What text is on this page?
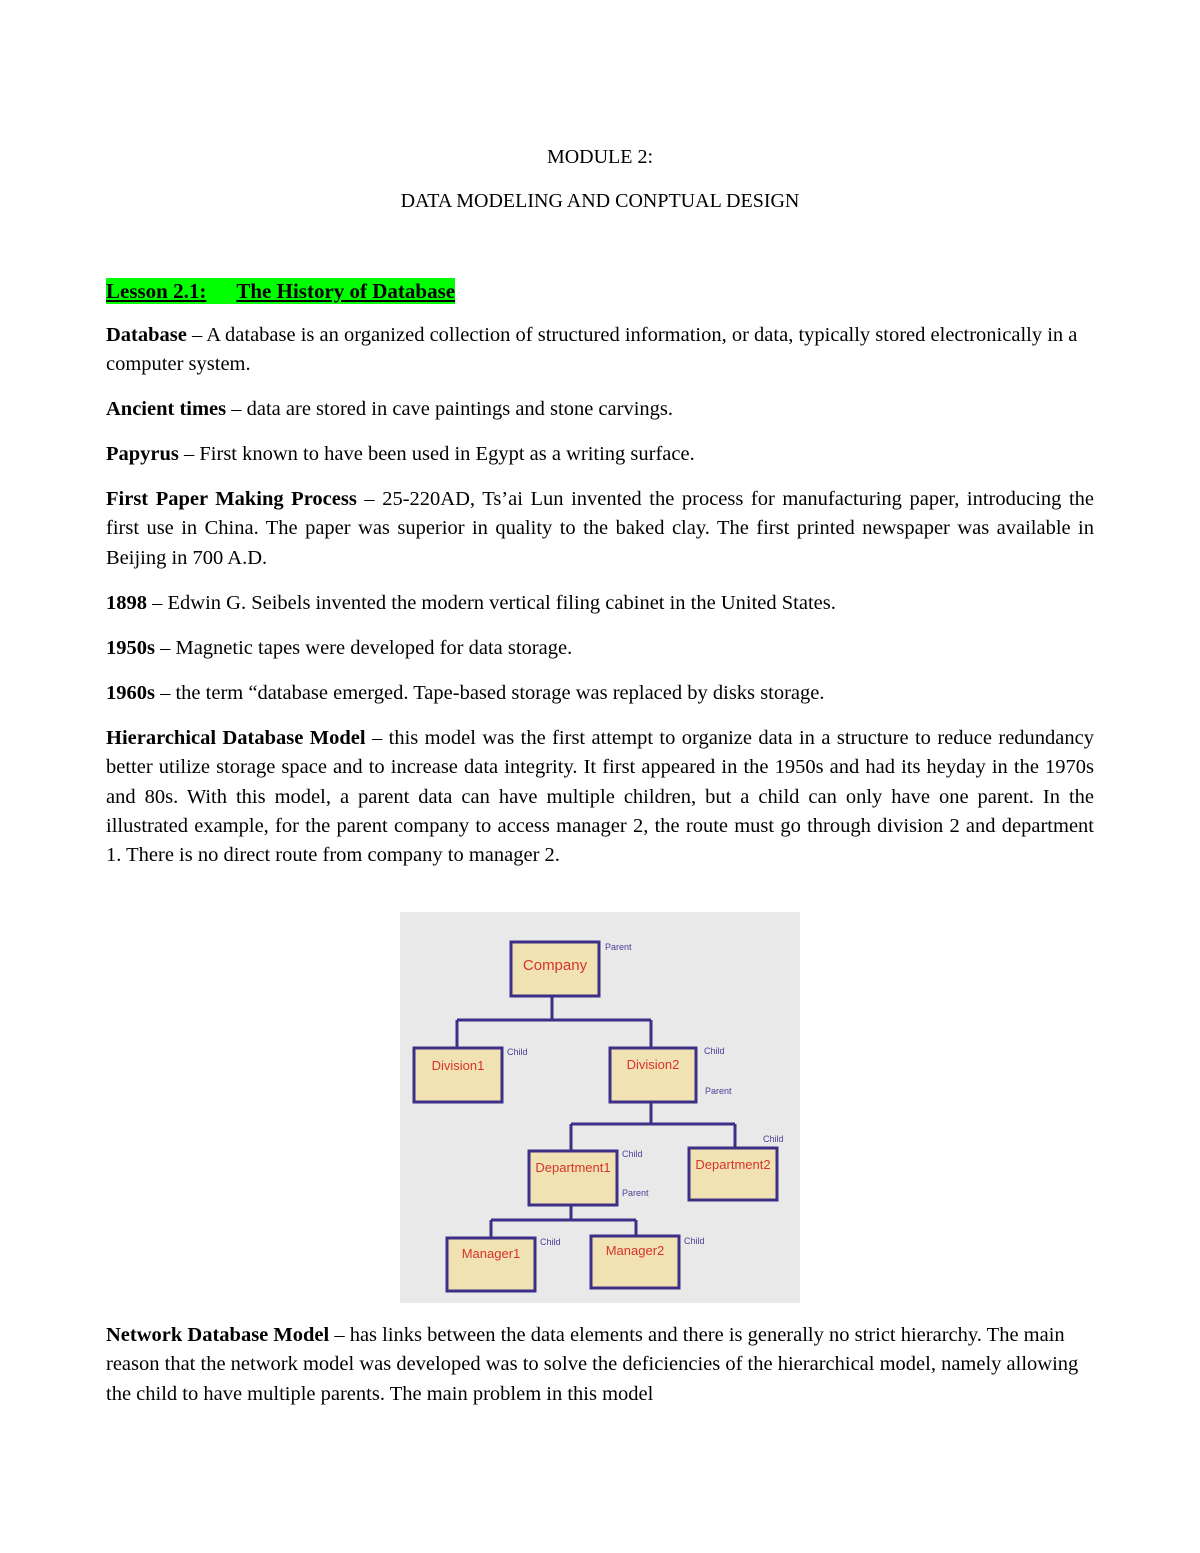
MODULE 2:
DATA MODELING AND CONPTUAL DESIGN

Lesson 2.1: The History of Database

Database – A database is an organized collection of structured information, or data, typically stored electronically in a computer system.

Ancient times – data are stored in cave paintings and stone carvings.

Papyrus – First known to have been used in Egypt as a writing surface.

First Paper Making Process – 25-220AD, Ts’ai Lun invented the process for manufacturing paper, introducing the first use in China. The paper was superior in quality to the baked clay. The first printed newspaper was available in Beijing in 700 A.D.

1898 – Edwin G. Seibels invented the modern vertical filing cabinet in the United States.

1950s – Magnetic tapes were developed for data storage.

1960s – the term “database emerged. Tape-based storage was replaced by disks storage.

Hierarchical Database Model – this model was the first attempt to organize data in a structure to reduce redundancy better utilize storage space and to increase data integrity. It first appeared in the 1950s and had its heyday in the 1970s and 80s. With this model, a parent data can have multiple children, but a child can only have one parent. In the illustrated example, for the parent company to access manager 2, the route must go through division 2 and department 1. There is no direct route from company to manager 2.

Company
Division1	Division2
Department1	Department2
Manager1	Manager2
Parent
Child	Child
Parent
Child
Parent
Child
Child	Child

Network Database Model – has links between the data elements and there is generally no strict hierarchy. The main reason that the network model was developed was to solve the deficiencies of the hierarchical model, namely allowing the child to have multiple parents. The main problem in this model
